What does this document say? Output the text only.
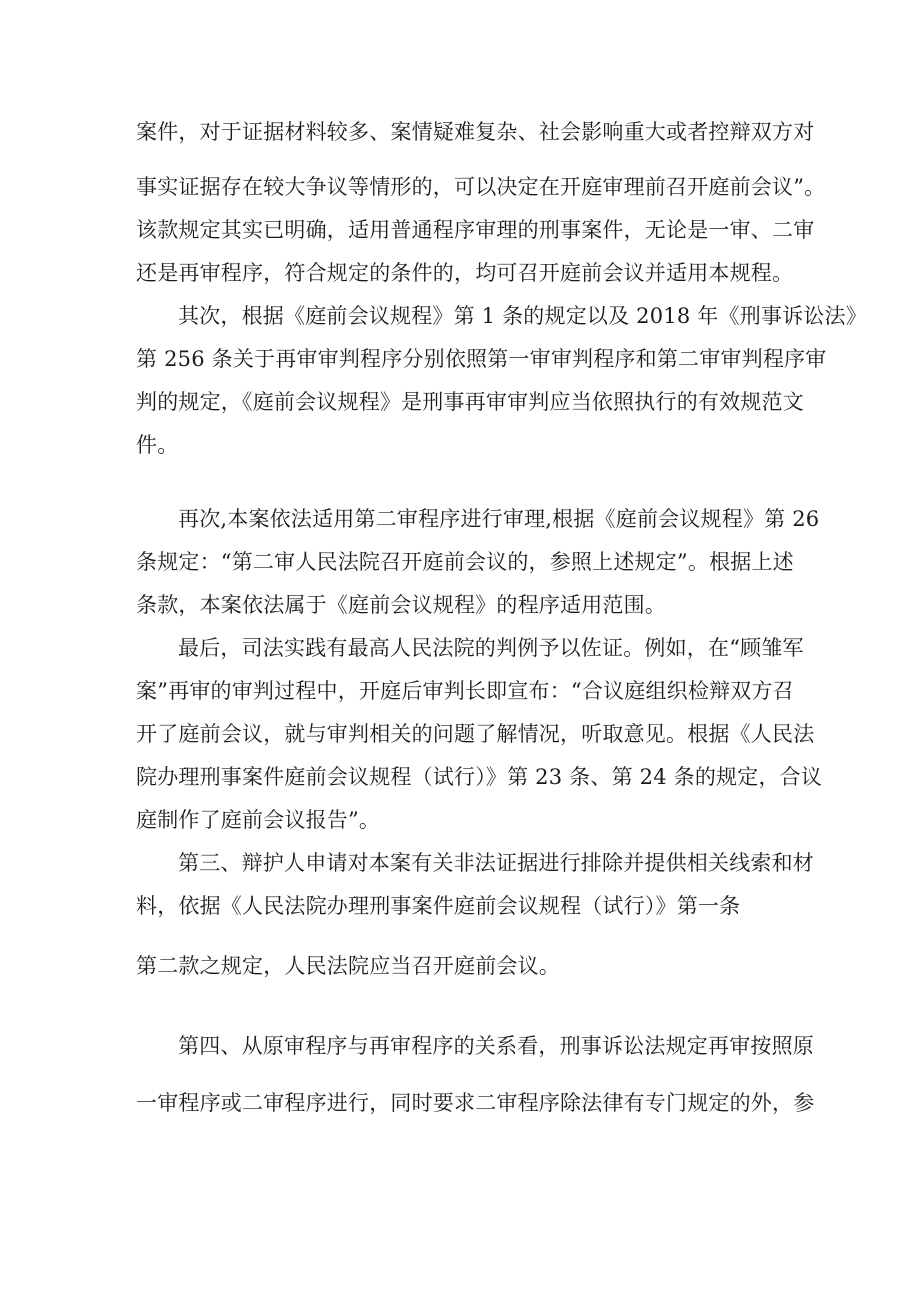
案件，对于证据材料较多、案情疑难复杂、社会影响重大或者控辩双方对
事实证据存在较大争议等情形的，可以决定在开庭审理前召开庭前会议”。
该款规定其实已明确，适用普通程序审理的刑事案件，无论是一审、二审
还是再审程序，符合规定的条件的，均可召开庭前会议并适用本规程。
其次，根据《庭前会议规程》第 1 条的规定以及 2018 年《刑事诉讼法》
第 256 条关于再审审判程序分别依照第一审审判程序和第二审审判程序审
判的规定，《庭前会议规程》是刑事再审审判应当依照执行的有效规范文
件。
再次,本案依法适用第二审程序进行审理,根据《庭前会议规程》第 26
条规定：“第二审人民法院召开庭前会议的，参照上述规定”。根据上述
条款，本案依法属于《庭前会议规程》的程序适用范围。
最后，司法实践有最高人民法院的判例予以佐证。例如，在“顾雏军
案”再审的审判过程中，开庭后审判长即宣布：“合议庭组织检辩双方召
开了庭前会议，就与审判相关的问题了解情况，听取意见。根据《人民法
院办理刑事案件庭前会议规程（试行）》第 23 条、第 24 条的规定，合议
庭制作了庭前会议报告”。
第三、辩护人申请对本案有关非法证据进行排除并提供相关线索和材
料，依据《人民法院办理刑事案件庭前会议规程（试行）》第一条
第二款之规定，人民法院应当召开庭前会议。
第四、从原审程序与再审程序的关系看，刑事诉讼法规定再审按照原
一审程序或二审程序进行，同时要求二审程序除法律有专门规定的外，参
